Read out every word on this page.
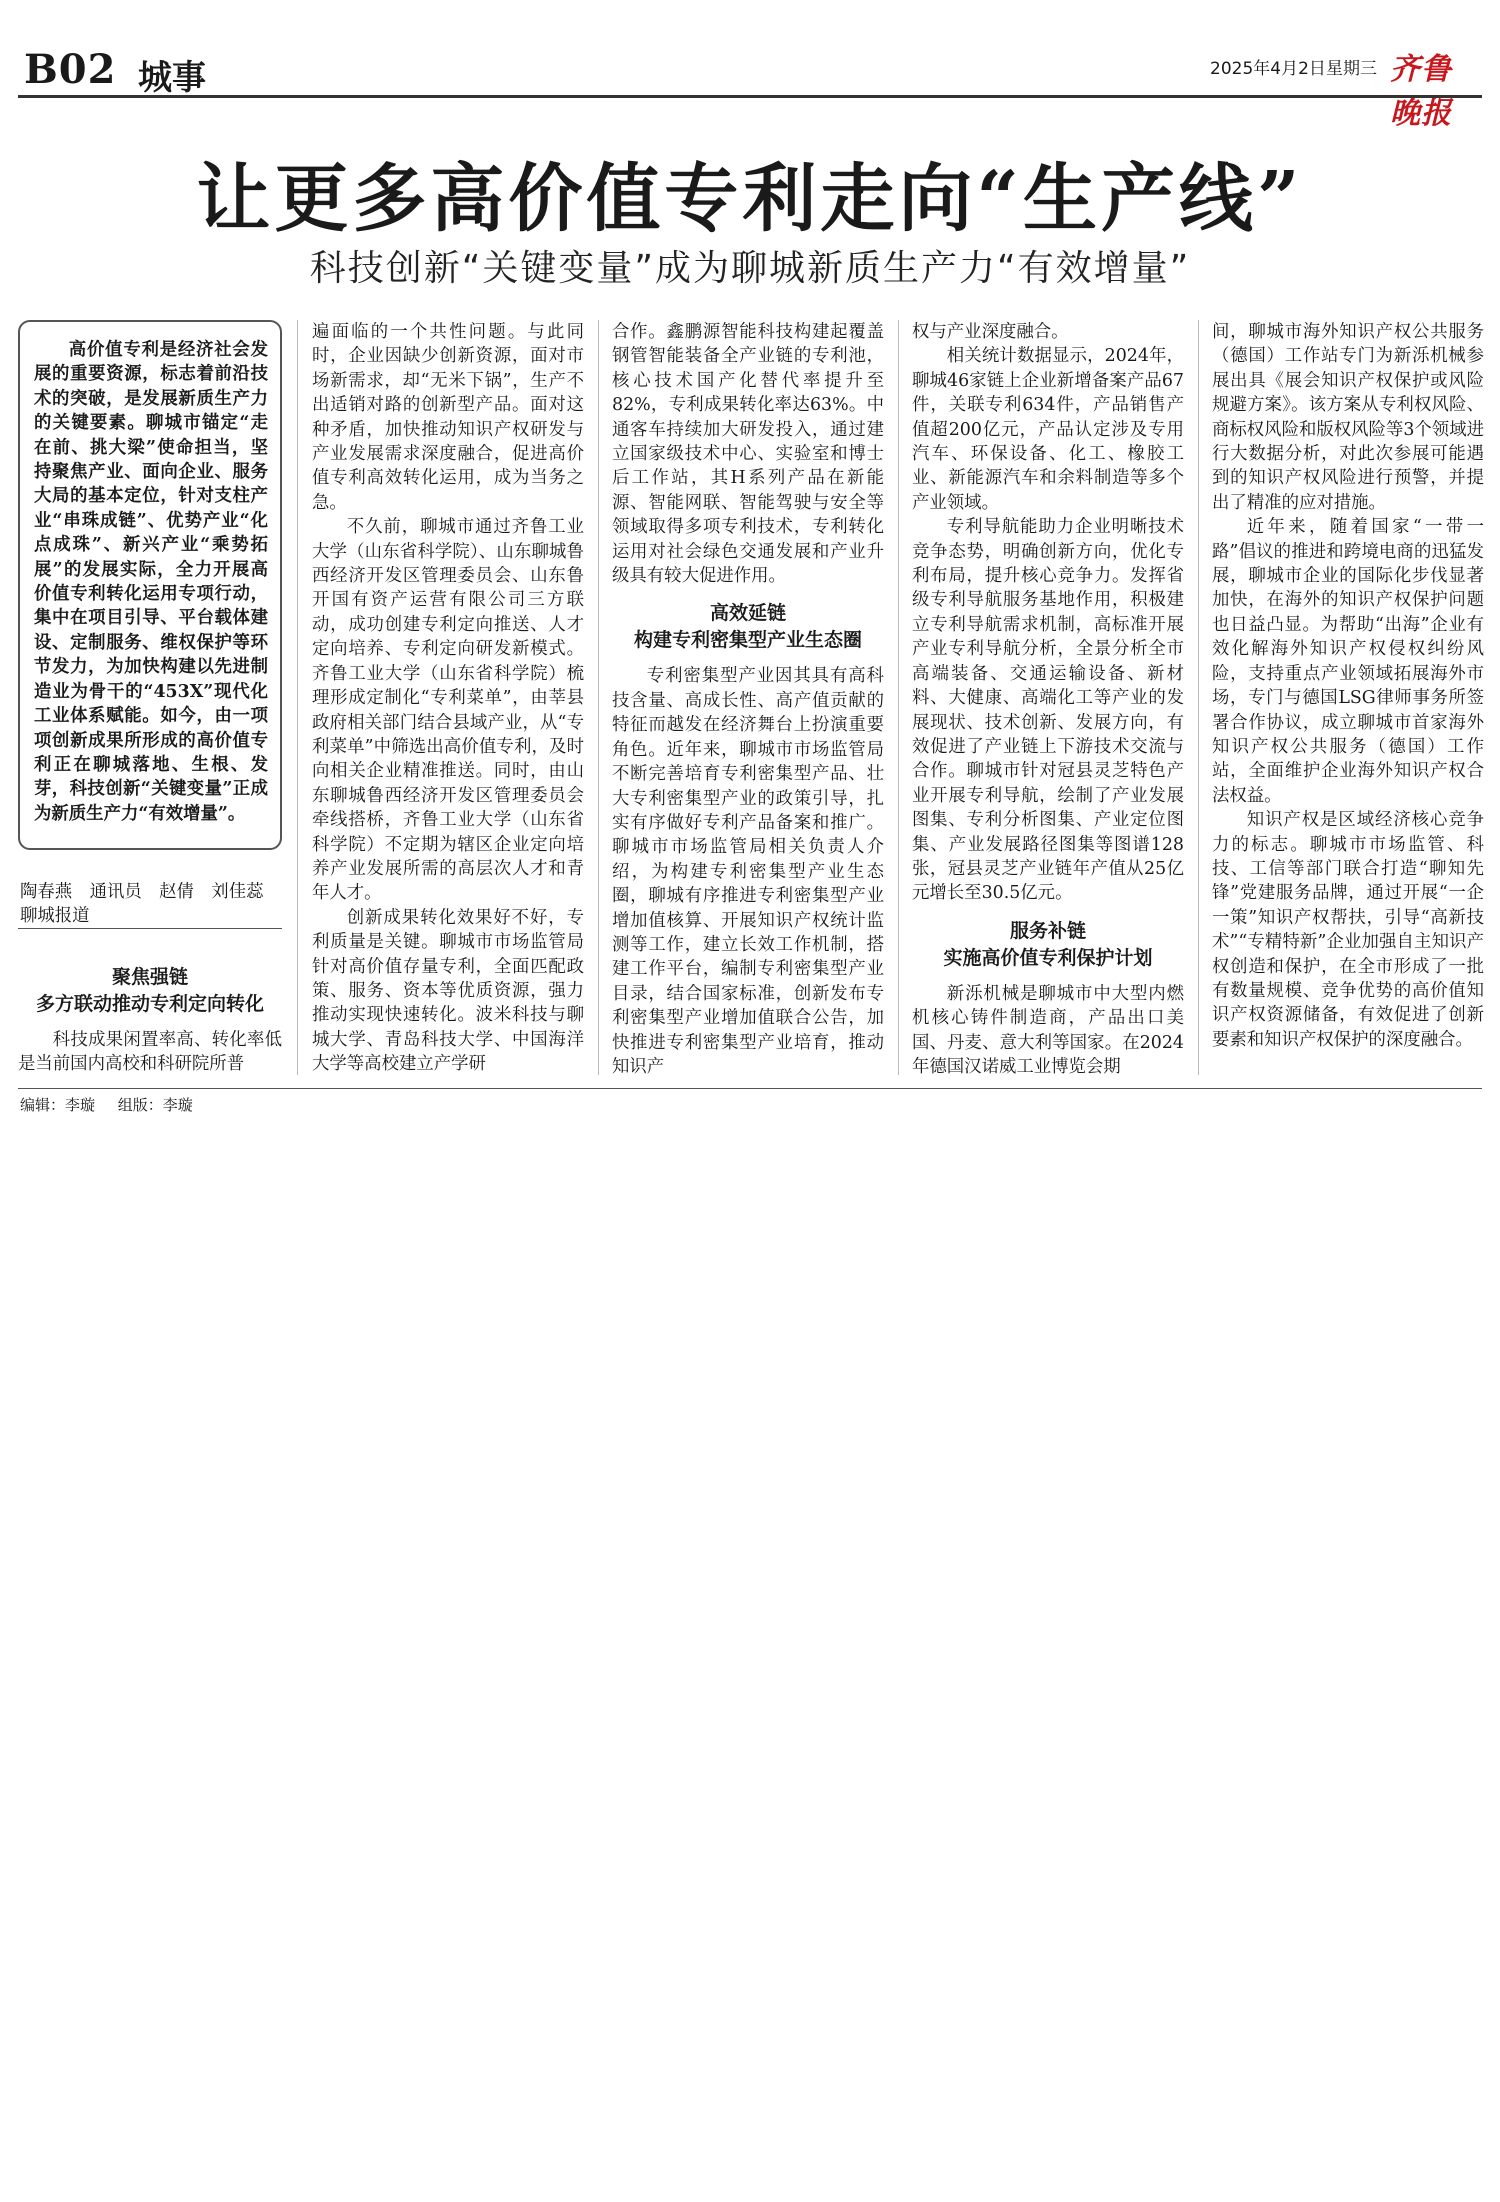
B02 城事	2025年4月2日 星期三 齐鲁晚报
让更多高价值专利走向“生产线”
科技创新“关键变量”成为聊城新质生产力“有效增量”

高价值专利是经济社会发展的重要资源，标志着前沿技术的突破，是发展新质生产力的关键要素。聊城市锚定“走在前、挑大梁”使命担当，坚持聚焦产业、面向企业、服务大局的基本定位，针对支柱产业“串珠成链”、优势产业“化点成珠”、新兴产业“乘势拓展”的发展实际，全力开展高价值专利转化运用专项行动，集中在项目引导、平台载体建设、定制服务、维权保护等环节发力，为加快构建以先进制造业为骨干的“453X”现代化工业体系赋能。如今，由一项项创新成果所形成的高价值专利正在聊城落地、生根、发芽，科技创新“关键变量”正成为新质生产力“有效增量”。

陶春燕　通讯员　赵倩　刘佳蕊
聊城报道
聚焦强链
多方联动推动专利定向转化

科技成果闲置率高、转化率低是当前国内高校和科研院所普

遍面临的一个共性问题。与此同时，企业因缺少创新资源，面对市场新需求，却“无米下锅”，生产不出适销对路的创新型产品。面对这种矛盾，加快推动知识产权研发与产业发展需求深度融合，促进高价值专利高效转化运用，成为当务之急。

不久前，聊城市通过齐鲁工业大学（山东省科学院）、山东聊城鲁西经济开发区管理委员会、山东鲁开国有资产运营有限公司三方联动，成功创建专利定向推送、人才定向培养、专利定向研发新模式。齐鲁工业大学（山东省科学院）梳理形成定制化“专利菜单”，由莘县政府相关部门结合县域产业，从“专利菜单”中筛选出高价值专利，及时向相关企业精准推送。同时，由山东聊城鲁西经济开发区管理委员会牵线搭桥，齐鲁工业大学（山东省科学院）不定期为辖区企业定向培养产业发展所需的高层次人才和青年人才。

创新成果转化效果好不好，专利质量是关键。聊城市市场监管局针对高价值存量专利，全面匹配政策、服务、资本等优质资源，强力推动实现快速转化。波米科技与聊城大学、青岛科技大学、中国海洋大学等高校建立产学研

合作。鑫鹏源智能科技构建起覆盖钢管智能装备全产业链的专利池，核心技术国产化替代率提升至82%，专利成果转化率达63%。中通客车持续加大研发投入，通过建立国家级技术中心、实验室和博士后工作站，其H系列产品在新能源、智能网联、智能驾驶与安全等领域取得多项专利技术，专利转化运用对社会绿色交通发展和产业升级具有较大促进作用。

高效延链
构建专利密集型产业生态圈

专利密集型产业因其具有高科技含量、高成长性、高产值贡献的特征而越发在经济舞台上扮演重要角色。近年来，聊城市市场监管局不断完善培育专利密集型产品、壮大专利密集型产业的政策引导，扎实有序做好专利产品备案和推广。聊城市市场监管局相关负责人介绍，为构建专利密集型产业生态圈，聊城有序推进专利密集型产业增加值核算、开展知识产权统计监测等工作，建立长效工作机制，搭建工作平台，编制专利密集型产业目录，结合国家标准，创新发布专利密集型产业增加值联合公告，加快推进专利密集型产业培育，推动知识产

权与产业深度融合。

相关统计数据显示，2024年，聊城46家链上企业新增备案产品67件，关联专利634件，产品销售产值超200亿元，产品认定涉及专用汽车、环保设备、化工、橡胶工业、新能源汽车和余料制造等多个产业领域。

专利导航能助力企业明晰技术竞争态势，明确创新方向，优化专利布局，提升核心竞争力。发挥省级专利导航服务基地作用，积极建立专利导航需求机制，高标准开展产业专利导航分析，全景分析全市高端装备、交通运输设备、新材料、大健康、高端化工等产业的发展现状、技术创新、发展方向，有效促进了产业链上下游技术交流与合作。聊城市针对冠县灵芝特色产业开展专利导航，绘制了产业发展图集、专利分析图集、产业定位图集、产业发展路径图集等图谱128张，冠县灵芝产业链年产值从25亿元增长至30.5亿元。

服务补链
实施高价值专利保护计划

新泺机械是聊城市中大型内燃机核心铸件制造商，产品出口美国、丹麦、意大利等国家。在2024年德国汉诺威工业博览会期

间，聊城市海外知识产权公共服务（德国）工作站专门为新泺机械参展出具《展会知识产权保护或风险规避方案》。该方案从专利权风险、商标权风险和版权风险等3个领域进行大数据分析，对此次参展可能遇到的知识产权风险进行预警，并提出了精准的应对措施。

近年来，随着国家“一带一路”倡议的推进和跨境电商的迅猛发展，聊城市企业的国际化步伐显著加快，在海外的知识产权保护问题也日益凸显。为帮助“出海”企业有效化解海外知识产权侵权纠纷风险，支持重点产业领域拓展海外市场，专门与德国LSG律师事务所签署合作协议，成立聊城市首家海外知识产权公共服务（德国）工作站，全面维护企业海外知识产权合法权益。

知识产权是区域经济核心竞争力的标志。聊城市市场监管、科技、工信等部门联合打造“聊知先锋”党建服务品牌，通过开展“一企一策”知识产权帮扶，引导“高新技术”“专精特新”企业加强自主知识产权创造和保护，在全市形成了一批有数量规模、竞争优势的高价值知识产权资源储备，有效促进了创新要素和知识产权保护的深度融合。

编辑：李璇 组版：李璇
